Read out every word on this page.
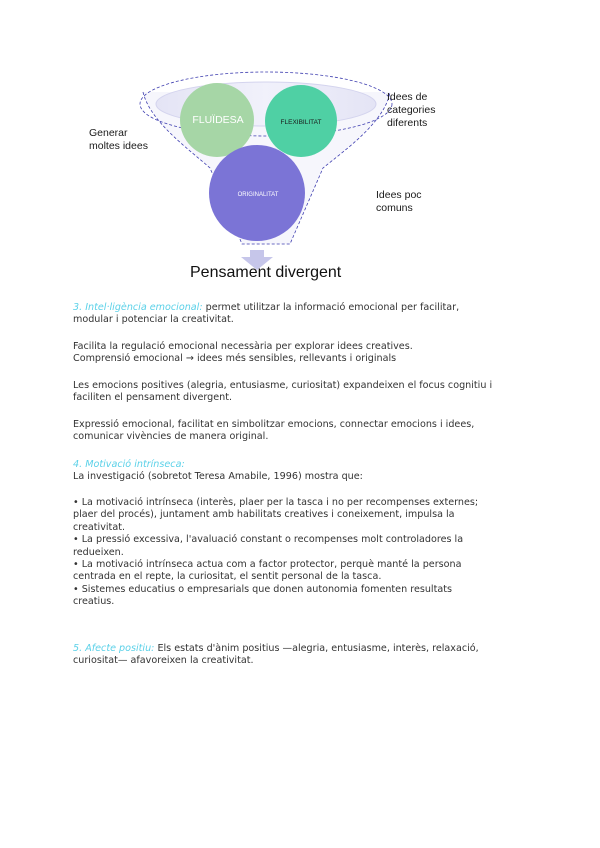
FLUÏDESA	FLEXIBILITAT
ORIGINALITAT
Generar
moltes idees
Idees de
categories
diferents
Idees poc
comuns
Pensament divergent

3. Intel·ligència emocional: permet utilitzar la informació emocional per facilitar,

modular i potenciar la creativitat.

Facilita la regulació emocional necessària per explorar idees creatives.

Comprensió emocional → idees més sensibles, rellevants i originals

Les emocions positives (alegria, entusiasme, curiositat) expandeixen el focus cognitiu i

faciliten el pensament divergent.

Expressió emocional, facilitat en simbolitzar emocions, connectar emocions i idees,

comunicar vivències de manera original.

4. Motivació intrínseca:

La investigació (sobretot Teresa Amabile, 1996) mostra que:

• La motivació intrínseca (interès, plaer per la tasca i no per recompenses externes;

plaer del procés), juntament amb habilitats creatives i coneixement, impulsa la

creativitat.

• La pressió excessiva, l'avaluació constant o recompenses molt controladores la

redueixen.

• La motivació intrínseca actua com a factor protector, perquè manté la persona

centrada en el repte, la curiositat, el sentit personal de la tasca.

• Sistemes educatius o empresarials que donen autonomia fomenten resultats

creatius.

5. Afecte positiu: Els estats d'ànim positius —alegria, entusiasme, interès, relaxació,

curiositat— afavoreixen la creativitat.
